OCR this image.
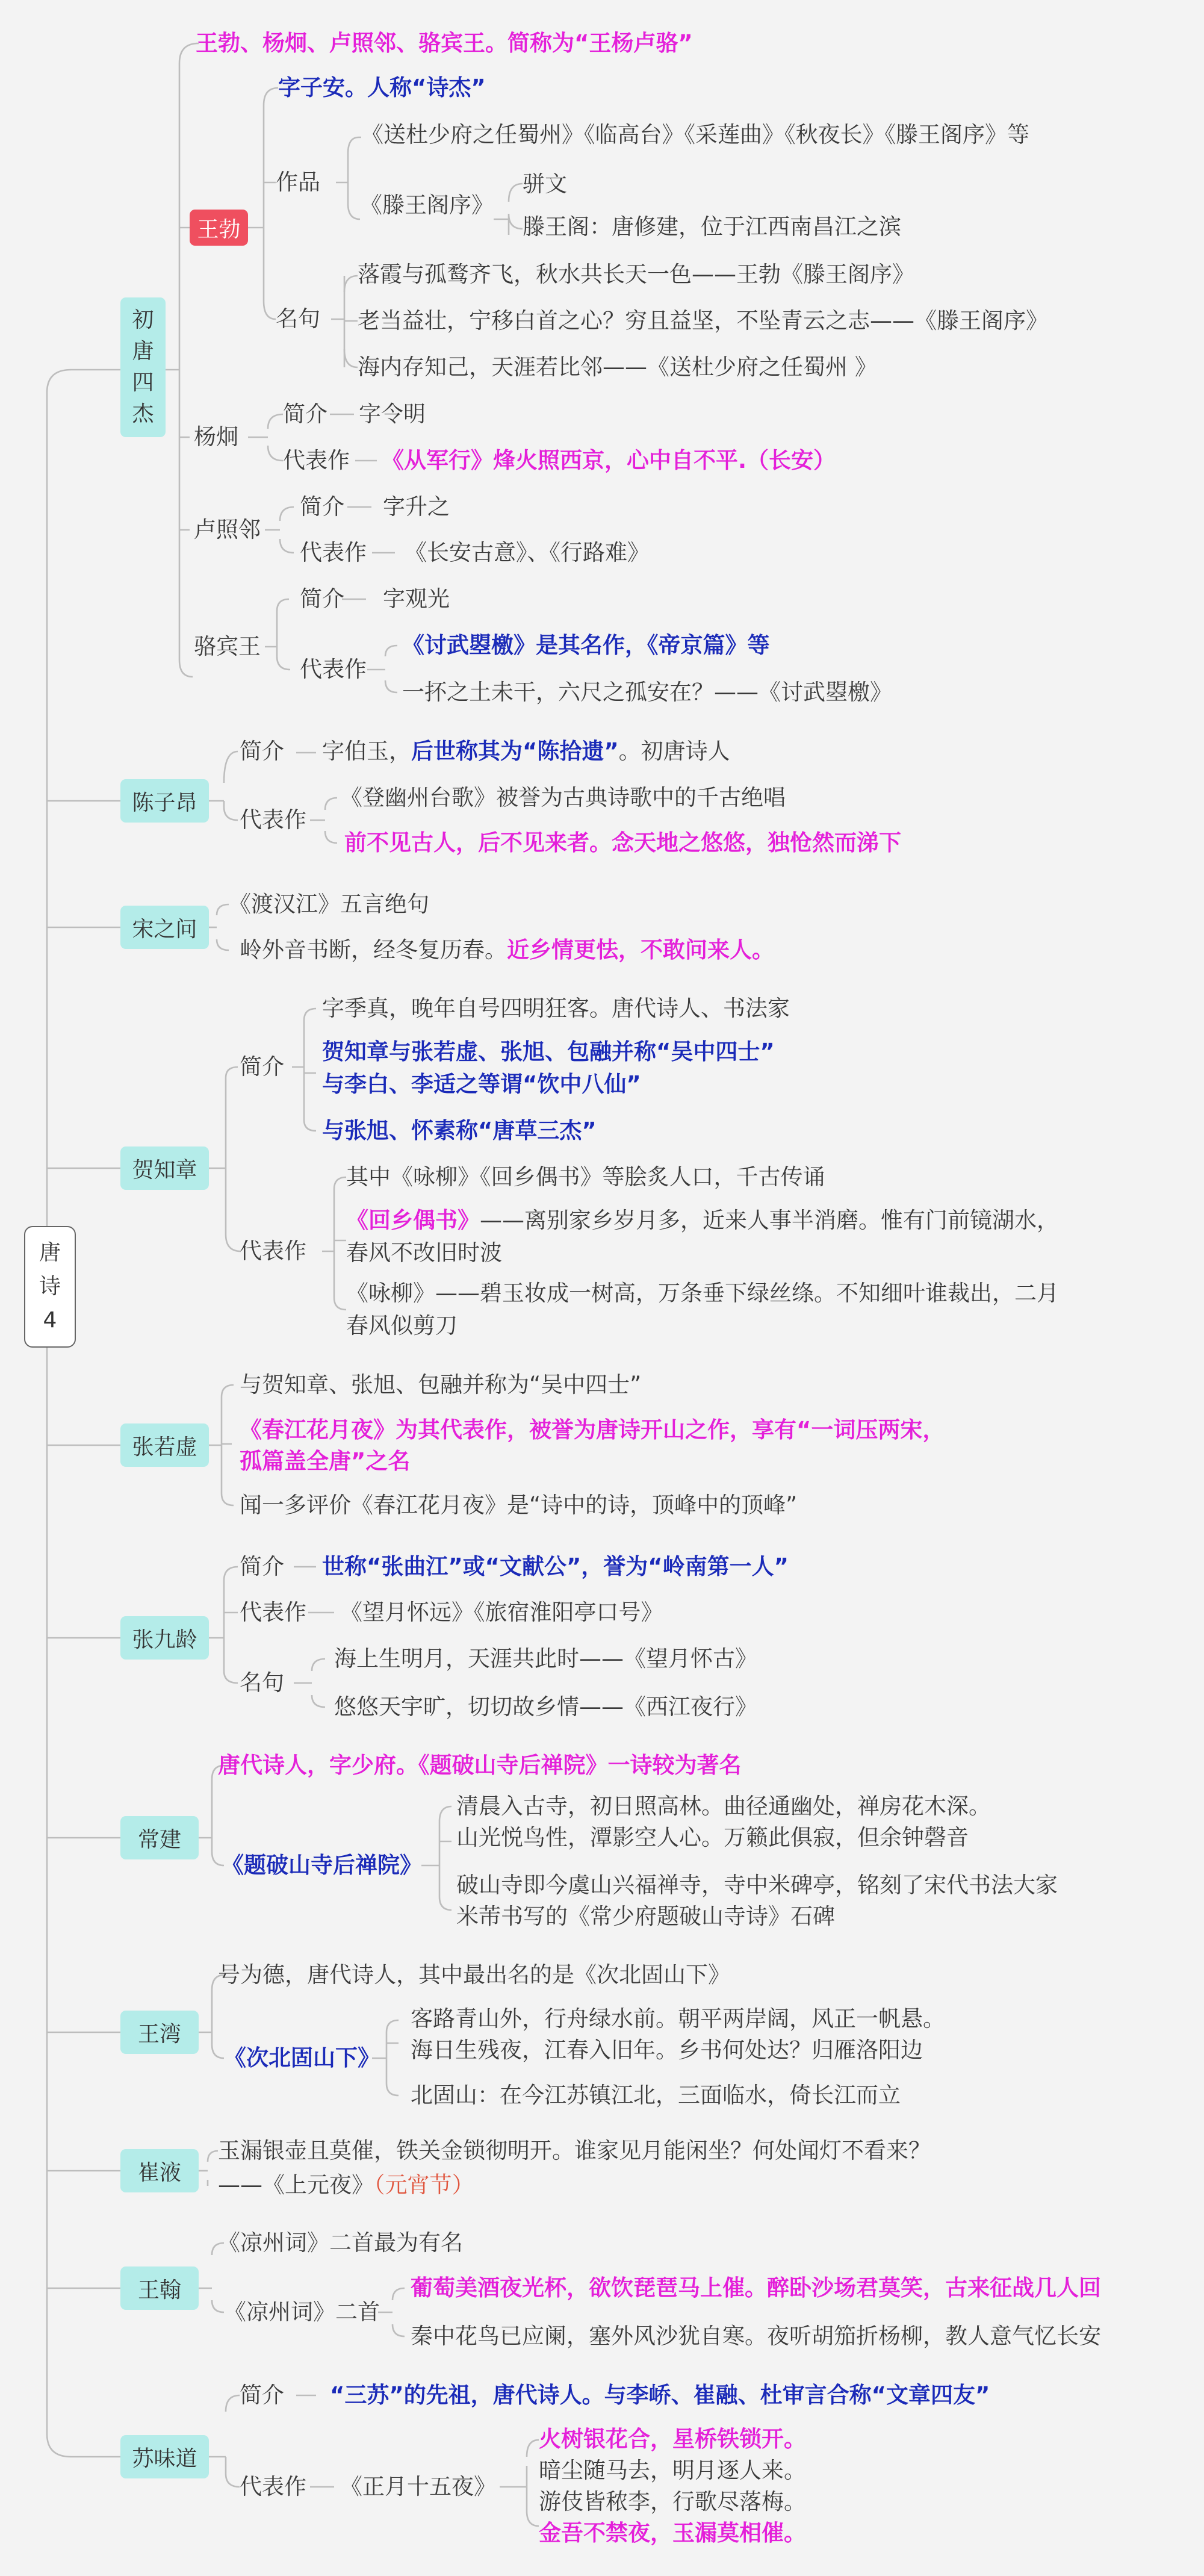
唐
诗
4
初
唐
四
杰
王勃、杨炯、卢照邻、骆宾王。简称为“王杨卢骆”
王勃
字子安。人称“诗杰”
作品
《送杜少府之任蜀州》《临高台》《采莲曲》《秋夜长》《滕王阁序》等
《滕王阁序》
骈文
滕王阁：唐修建，位于江西南昌江之滨
名句
落霞与孤鹜齐飞，秋水共长天一色——王勃《滕王阁序》
老当益壮，宁移白首之心？穷且益坚，不坠青云之志——《滕王阁序》
海内存知己，天涯若比邻——《送杜少府之任蜀州 》
杨炯
简介 字令明
代表作 《从军行》烽火照西京，心中自不平.（长安）
卢照邻
简介 字升之
代表作 《长安古意》、《行路难》
骆宾王
简介 字观光
代表作
《讨武曌檄》是其名作，《帝京篇》等
一抔之土未干，六尺之孤安在？——《讨武曌檄》
陈子昂
简介 字伯玉，后世称其为“陈拾遗”。初唐诗人
代表作
《登幽州台歌》被誉为古典诗歌中的千古绝唱
前不见古人，后不见来者。念天地之悠悠，独怆然而涕下
宋之问
《渡汉江》五言绝句
岭外音书断，经冬复历春。近乡情更怯，不敢问来人。
贺知章
简介
字季真，晚年自号四明狂客。唐代诗人、书法家
贺知章与张若虚、张旭、包融并称“吴中四士”
与李白、李适之等谓“饮中八仙”
与张旭、怀素称“唐草三杰”
代表作
其中《咏柳》《回乡偶书》等脍炙人口，千古传诵
《回乡偶书》——离别家乡岁月多，近来人事半消磨。惟有门前镜湖水，
春风不改旧时波
《咏柳》——碧玉妆成一树高，万条垂下绿丝绦。不知细叶谁裁出，二月
春风似剪刀
张若虚
与贺知章、张旭、包融并称为“吴中四士”
《春江花月夜》为其代表作，被誉为唐诗开山之作，享有“一词压两宋，
孤篇盖全唐”之名
闻一多评价《春江花月夜》是“诗中的诗，顶峰中的顶峰”
张九龄
简介 世称“张曲江”或“文献公”，誉为“岭南第一人”
代表作 《望月怀远》《旅宿淮阳亭口号》
名句
海上生明月，天涯共此时——《望月怀古》
悠悠天宇旷，切切故乡情——《西江夜行》
常建
唐代诗人，字少府。《题破山寺后禅院》一诗较为著名
《题破山寺后禅院》
清晨入古寺，初日照高林。曲径通幽处，禅房花木深。
山光悦鸟性，潭影空人心。万籁此俱寂，但余钟磬音
破山寺即今虞山兴福禅寺，寺中米碑亭，铭刻了宋代书法大家
米芾书写的《常少府题破山寺诗》石碑
王湾
号为德，唐代诗人，其中最出名的是《次北固山下》
《次北固山下》
客路青山外，行舟绿水前。朝平两岸阔，风正一帆悬。
海日生残夜，江春入旧年。乡书何处达？归雁洛阳边
北固山：在今江苏镇江北，三面临水，倚长江而立
崔液
玉漏银壶且莫催，铁关金锁彻明开。谁家见月能闲坐？何处闻灯不看来？
——《上元夜》（元宵节）
王翰
《凉州词》二首最为有名
《凉州词》二首
葡萄美酒夜光杯，欲饮琵琶马上催。醉卧沙场君莫笑，古来征战几人回
秦中花鸟已应阑，塞外风沙犹自寒。夜听胡笳折杨柳，教人意气忆长安
苏味道
简介 “三苏”的先祖，唐代诗人。与李峤、崔融、杜审言合称“文章四友”
代表作 《正月十五夜》
火树银花合，星桥铁锁开。
暗尘随马去，明月逐人来。
游伎皆秾李，行歌尽落梅。
金吾不禁夜，玉漏莫相催。
